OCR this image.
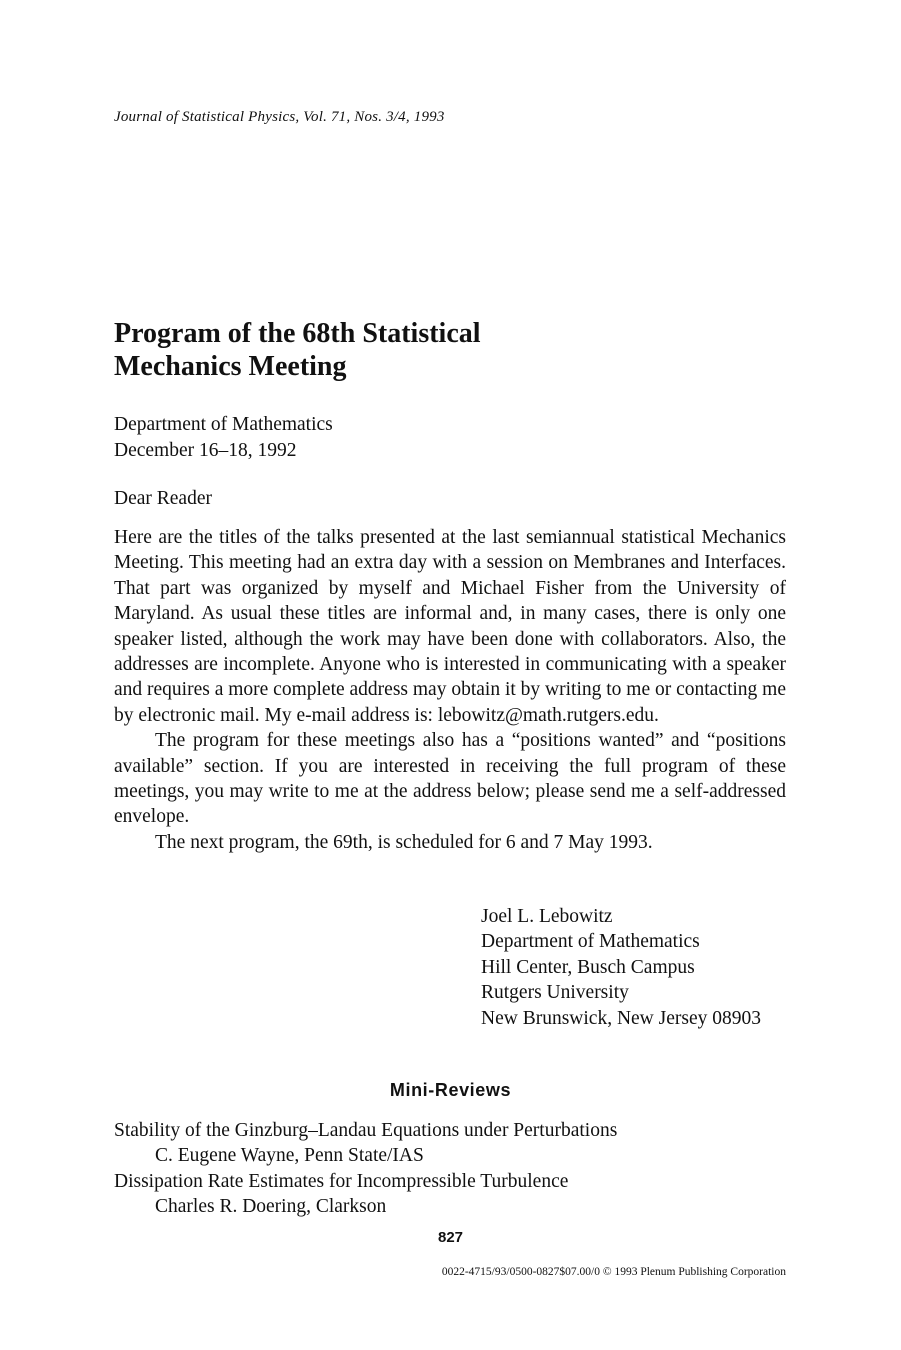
Journal of Statistical Physics, Vol. 71, Nos. 3/4, 1993
Program of the 68th Statistical
Mechanics Meeting
Department of Mathematics
December 16–18, 1992
Dear Reader

Here are the titles of the talks presented at the last semiannual statistical Mechanics Meeting. This meeting had an extra day with a session on Membranes and Interfaces. That part was organized by myself and Michael Fisher from the University of Maryland. As usual these titles are informal and, in many cases, there is only one speaker listed, although the work may have been done with collaborators. Also, the addresses are incomplete. Anyone who is interested in communicating with a speaker and requires a more complete address may obtain it by writing to me or contacting me by electronic mail. My e-mail address is: lebowitz@math.rutgers.edu.

The program for these meetings also has a “positions wanted” and “positions available” section. If you are interested in receiving the full program of these meetings, you may write to me at the address below; please send me a self-addressed envelope.

The next program, the 69th, is scheduled for 6 and 7 May 1993.

Joel L. Lebowitz
Department of Mathematics
Hill Center, Busch Campus
Rutgers University
New Brunswick, New Jersey 08903
Mini-Reviews
Stability of the Ginzburg–Landau Equations under Perturbations
C. Eugene Wayne, Penn State/IAS
Dissipation Rate Estimates for Incompressible Turbulence
Charles R. Doering, Clarkson
827
0022-4715/93/0500-0827$07.00/0 © 1993 Plenum Publishing Corporation
